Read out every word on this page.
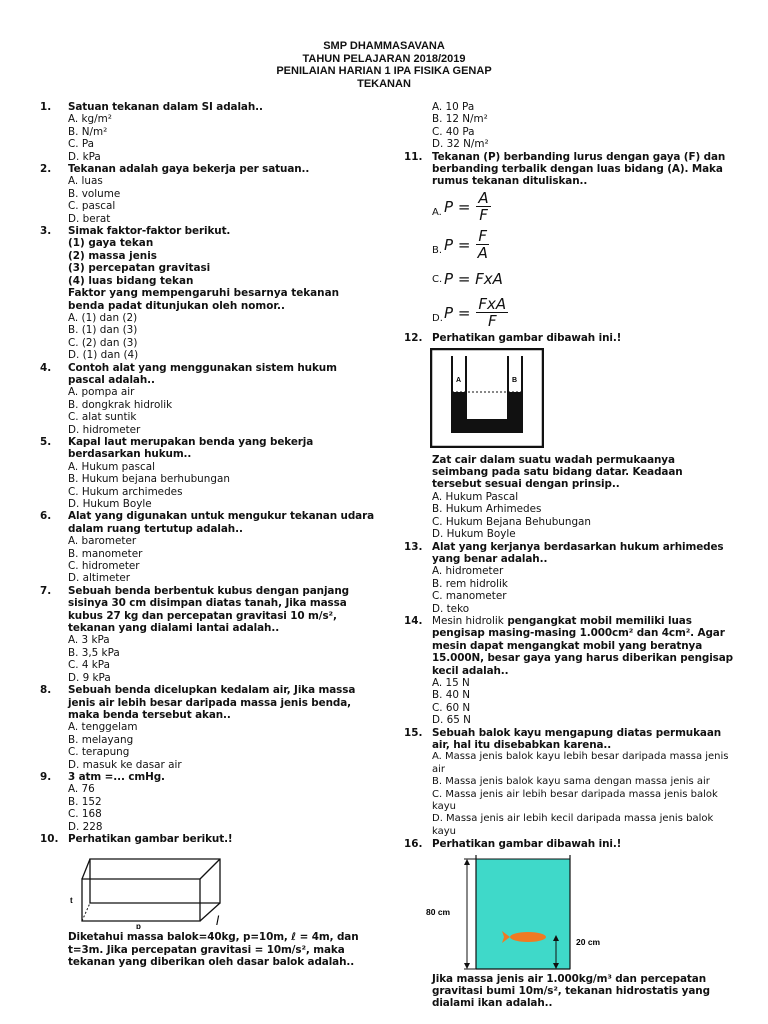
SMP DHAMMASAVANA
TAHUN PELAJARAN 2018/2019
PENILAIAN HARIAN 1 IPA FISIKA GENAP
TEKANAN
1. Satuan tekanan dalam SI adalah..
A. kg/m²
B. N/m²
C. Pa
D. kPa
2. Tekanan adalah gaya bekerja per satuan..
A. luas
B. volume
C. pascal
D. berat
3. Simak faktor-faktor berikut.
(1) gaya tekan
(2) massa jenis
(3) percepatan gravitasi
(4) luas bidang tekan
Faktor yang mempengaruhi besarnya tekanan benda padat ditunjukan oleh nomor..
A. (1) dan (2)
B. (1) dan (3)
C. (2) dan (3)
D. (1) dan (4)
4. Contoh alat yang menggunakan sistem hukum pascal adalah..
A. pompa air
B. dongkrak hidrolik
C. alat suntik
D. hidrometer
5. Kapal laut merupakan benda yang bekerja berdasarkan hukum..
A. Hukum pascal
B. Hukum bejana berhubungan
C. Hukum archimedes
D. Hukum Boyle
6. Alat yang digunakan untuk mengukur tekanan udara dalam ruang tertutup adalah..
A. barometer
B. manometer
C. hidrometer
D. altimeter
7. Sebuah benda berbentuk kubus dengan panjang sisinya 30 cm disimpan diatas tanah, Jika massa kubus 27 kg dan percepatan gravitasi 10 m/s², tekanan yang dialami lantai adalah..
A. 3 kPa
B. 3,5 kPa
C. 4 kPa
D. 9 kPa
8. Sebuah benda dicelupkan kedalam air, Jika massa jenis air lebih besar daripada massa jenis benda, maka benda tersebut akan..
A. tenggelam
B. melayang
C. terapung
D. masuk ke dasar air
9. 3 atm =... cmHg.
A. 76
B. 152
C. 168
D. 228
10. Perhatikan gambar berikut.!
t
p	l
Diketahui massa balok=40kg, p=10m, ℓ = 4m, dan t=3m. Jika percepatan gravitasi = 10m/s², maka tekanan yang diberikan oleh dasar balok adalah..
A. 10 Pa
B. 12 N/m²
C. 40 Pa
D. 32 N/m²
11. Tekanan (P) berbanding lurus dengan gaya (F) dan berbanding terbalik dengan luas bidang (A). Maka rumus tekanan dituliskan..
A. $P = \frac{A}{F}$
B. $P = \frac{F}{A}$
C. P = FxA
D. $P = \frac{\text{FxA}}{F}$
12. Perhatikan gambar dibawah ini.!
A	B
Zat cair dalam suatu wadah permukaanya seimbang pada satu bidang datar. Keadaan tersebut sesuai dengan prinsip..
A. Hukum Pascal
B. Hukum Arhimedes
C. Hukum Bejana Behubungan
D. Hukum Boyle
13. Alat yang kerjanya berdasarkan hukum arhimedes yang benar adalah..
A. hidrometer
B. rem hidrolik
C. manometer
D. teko
14. Mesin hidrolik pengangkat mobil memiliki luas pengisap masing-masing 1.000cm² dan 4cm². Agar mesin dapat mengangkat mobil yang beratnya 15.000N, besar gaya yang harus diberikan pengisap kecil adalah..
A. 15 N
B. 40 N
C. 60 N
D. 65 N
15. Sebuah balok kayu mengapung diatas permukaan air, hal itu disebabkan karena..
A. Massa jenis balok kayu lebih besar daripada massa jenis air
B. Massa jenis balok kayu sama dengan massa jenis air
C. Massa jenis air lebih besar daripada massa jenis balok kayu
D. Massa jenis air lebih kecil daripada massa jenis balok kayu
16. Perhatikan gambar dibawah ini.!
80 cm
20 cm
Jika massa jenis air 1.000kg/m³ dan percepatan gravitasi bumi 10m/s², tekanan hidrostatis yang dialami ikan adalah..
